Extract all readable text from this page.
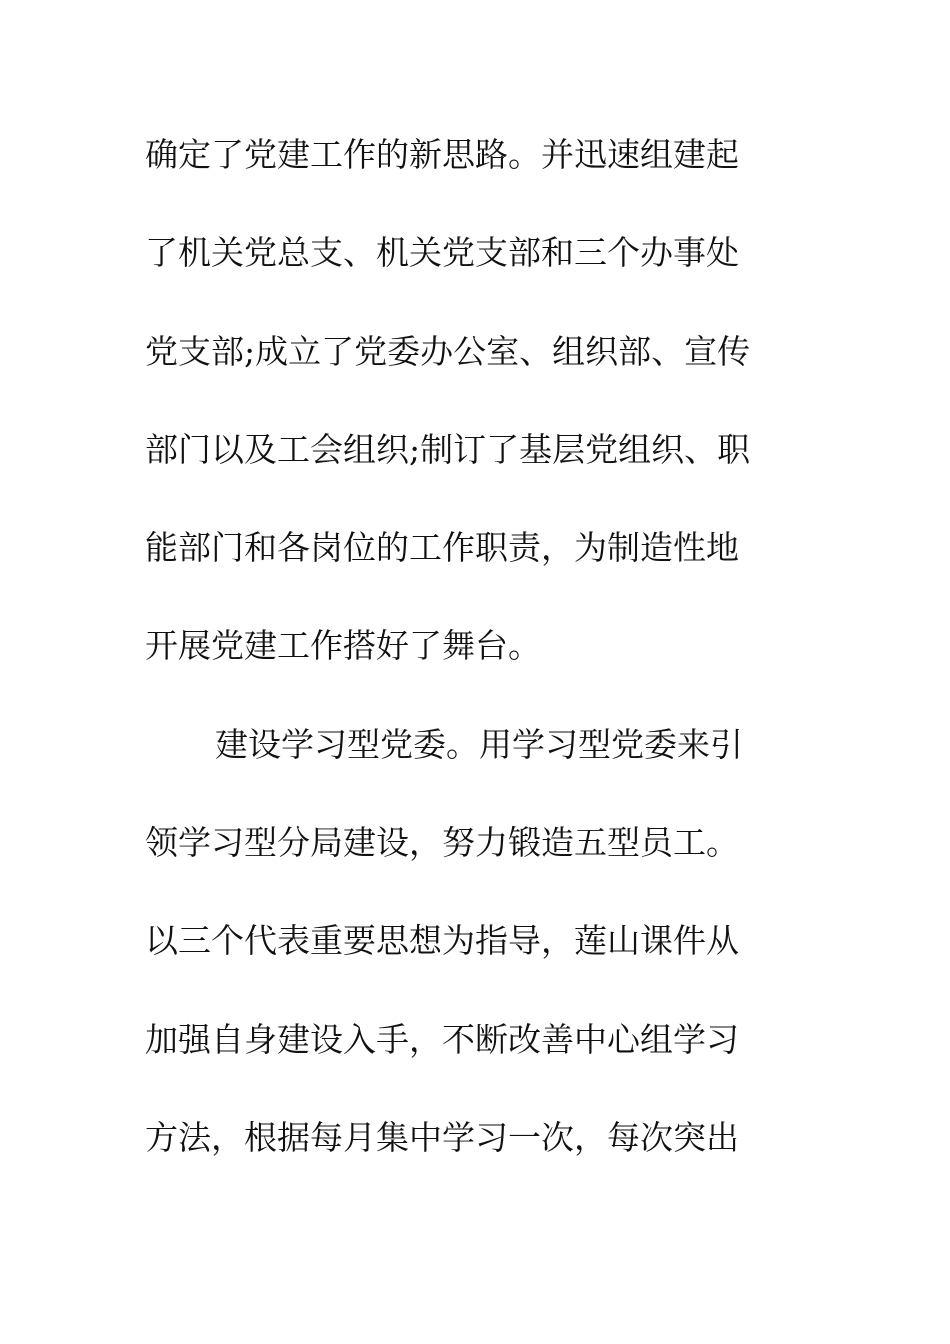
确定了党建工作的新思路。并迅速组建起
了机关党总支、机关党支部和三个办事处
党支部;成立了党委办公室、组织部、宣传
部门以及工会组织;制订了基层党组织、职
能部门和各岗位的工作职责，为制造性地
开展党建工作搭好了舞台。
建设学习型党委。用学习型党委来引
领学习型分局建设，努力锻造五型员工。
以三个代表重要思想为指导，莲山课件从
加强自身建设入手，不断改善中心组学习
方法，根据每月集中学习一次，每次突出
